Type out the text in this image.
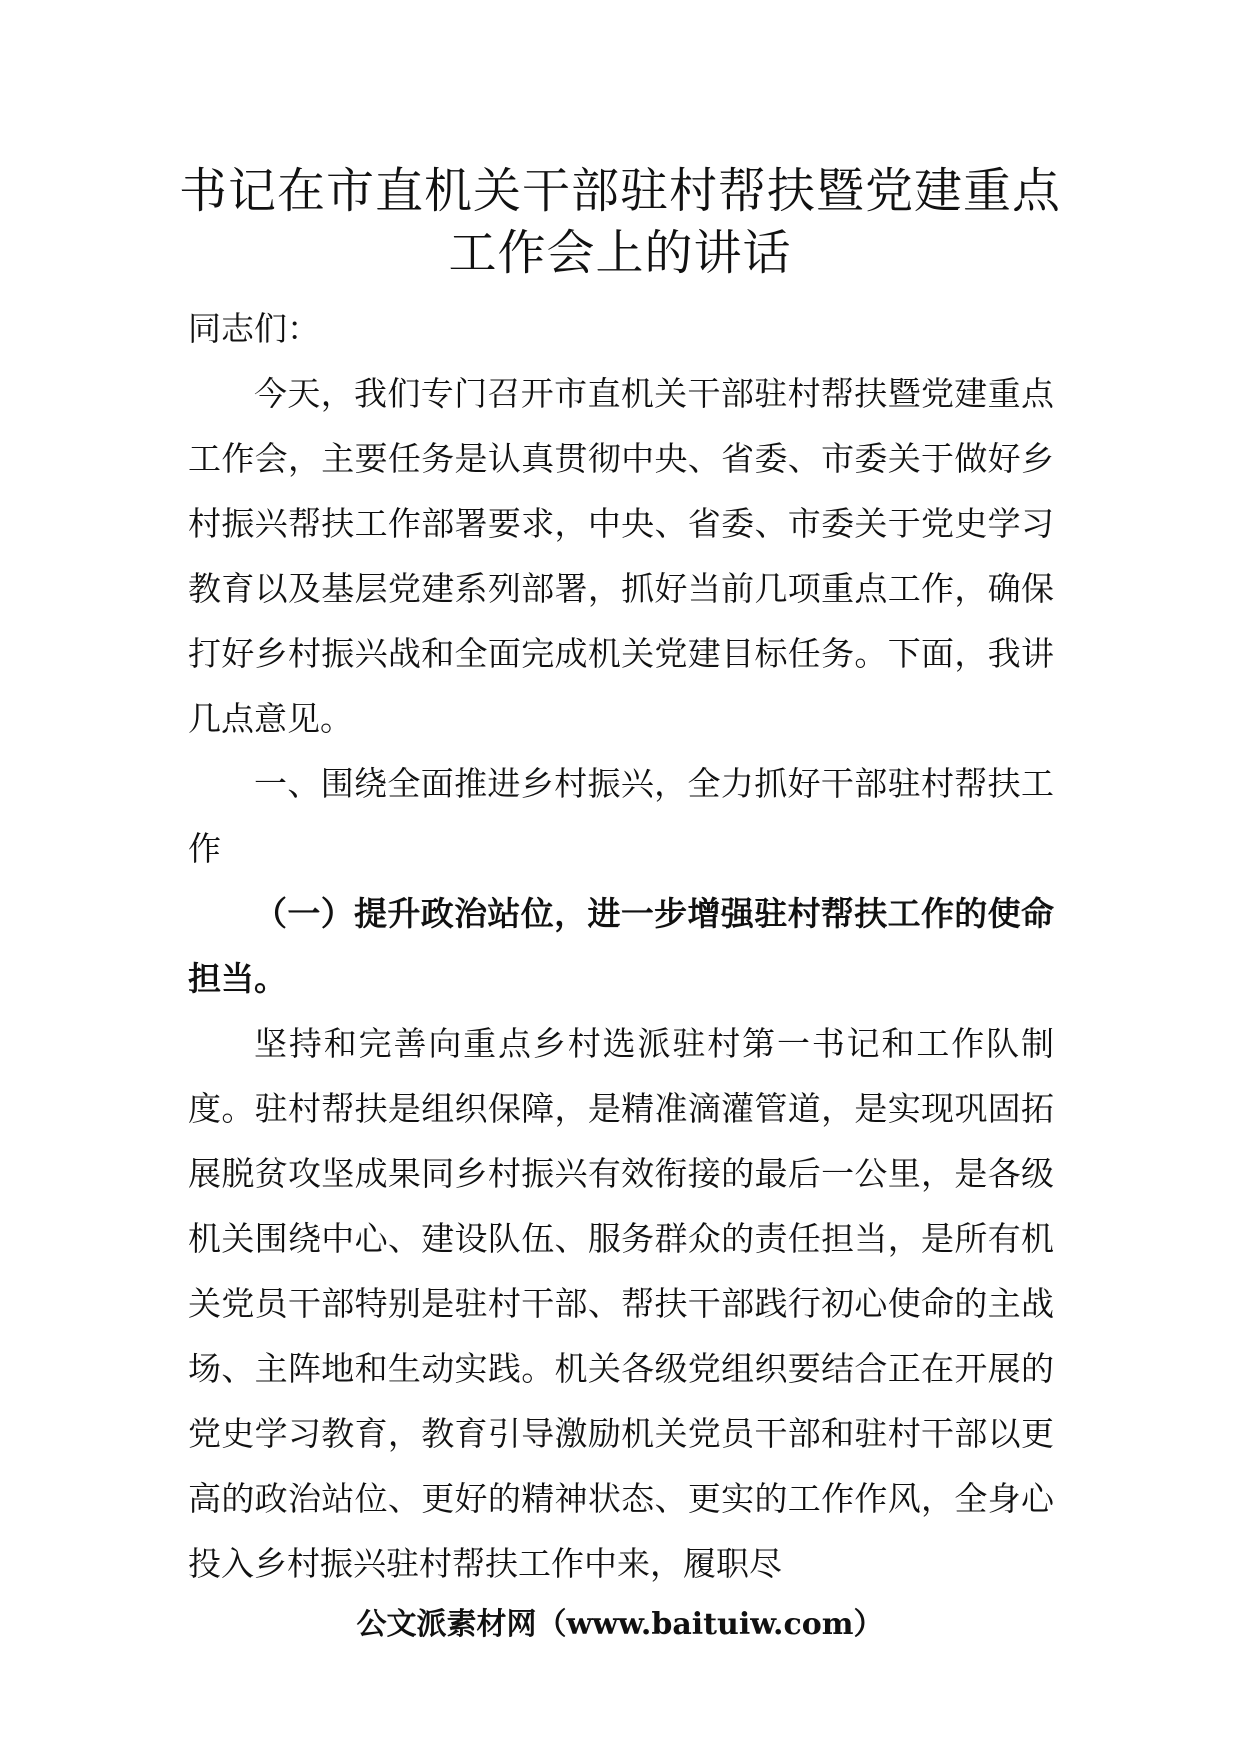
书记在市直机关干部驻村帮扶暨党建重点
工作会上的讲话

同志们：

今天，我们专门召开市直机关干部驻村帮扶暨党建重点工作会，主要任务是认真贯彻中央、省委、市委关于做好乡村振兴帮扶工作部署要求，中央、省委、市委关于党史学习教育以及基层党建系列部署，抓好当前几项重点工作，确保打好乡村振兴战和全面完成机关党建目标任务。下面，我讲几点意见。

一、围绕全面推进乡村振兴，全力抓好干部驻村帮扶工作

（一）提升政治站位，进一步增强驻村帮扶工作的使命担当。

坚持和完善向重点乡村选派驻村第一书记和工作队制度。驻村帮扶是组织保障，是精准滴灌管道，是实现巩固拓展脱贫攻坚成果同乡村振兴有效衔接的最后一公里，是各级机关围绕中心、建设队伍、服务群众的责任担当，是所有机关党员干部特别是驻村干部、帮扶干部践行初心使命的主战场、主阵地和生动实践。机关各级党组织要结合正在开展的党史学习教育，教育引导激励机关党员干部和驻村干部以更高的政治站位、更好的精神状态、更实的工作作风，全身心投入乡村振兴驻村帮扶工作中来，履职尽

公文派素材网（www.baituiw.com）
